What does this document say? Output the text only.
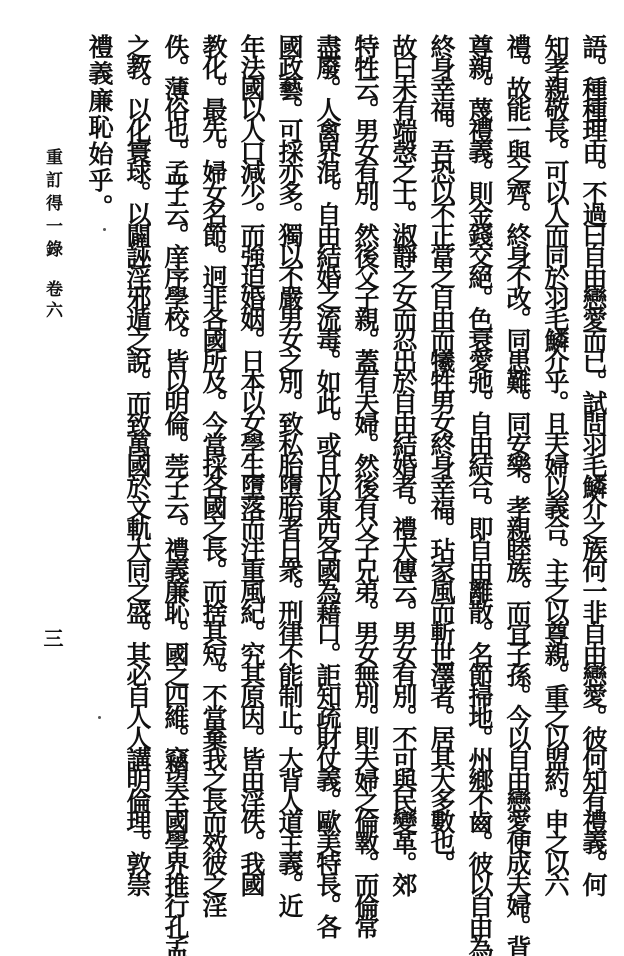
重訂得一錄
卷六
三	語。種種理由。不過曰自由戀愛而已。試問羽毛鱗介之族何一非自由戀愛。彼何知有禮義。何
知孝親敬長。可以人而同於羽毛鱗介乎。且夫婦以義合。主之以尊親。重之以盟約。申之以六
禮。故能一與之齊。終身不改。同患難。同安樂。孝親睦族。而宜子孫。今以自由戀愛便成夫婦。背
尊親。蔑禮義。則金錢交絕。色衰愛弛。自由結合。即自由離散。名節掃地。州鄉不齒。彼以自由為
終身幸福。吾恐以不正當之自由而犧牲男女終身幸福。玷家風而斬世澤者。居其大多數也。
故曰未有端愨之士。淑靜之女而忍出於自由結婚者。禮大傳云。男女有別。不可與民變革。郊
特牲云。男女有別。然後父子親。蓋有夫婦。然後有父子兄弟。男女無別。則夫婦之倫斁。而倫常
盡廢。人禽界混。自由結婚之流毒。如此。或且以東西各國為藉口。詎知疏財仗義。歐美特長。各
國政藝。可採亦多。獨以不嚴男女之別。致私胎墮胎者日衆。刑律不能制止。大背人道主義。近
年法國以人口減少。而強迫婚姻。日本以女學生墮落而注重風紀。究其原因。皆由淫佚。我國
教化。最先。婦女名節。迥非各國所及。今當採各國之長。而捨其短。不當棄我之長而效彼之淫
佚。薄俗也。孟子云。庠序學校。皆以明倫。莞子云。禮義廉恥。國之四維。竊望全國學界推行孔孟
之教。以化寰球。以闢誣淫邪遁之說。而致萬國於文軌大同之盛。其必自人人講明倫理。敦崇
禮義廉恥始乎。
